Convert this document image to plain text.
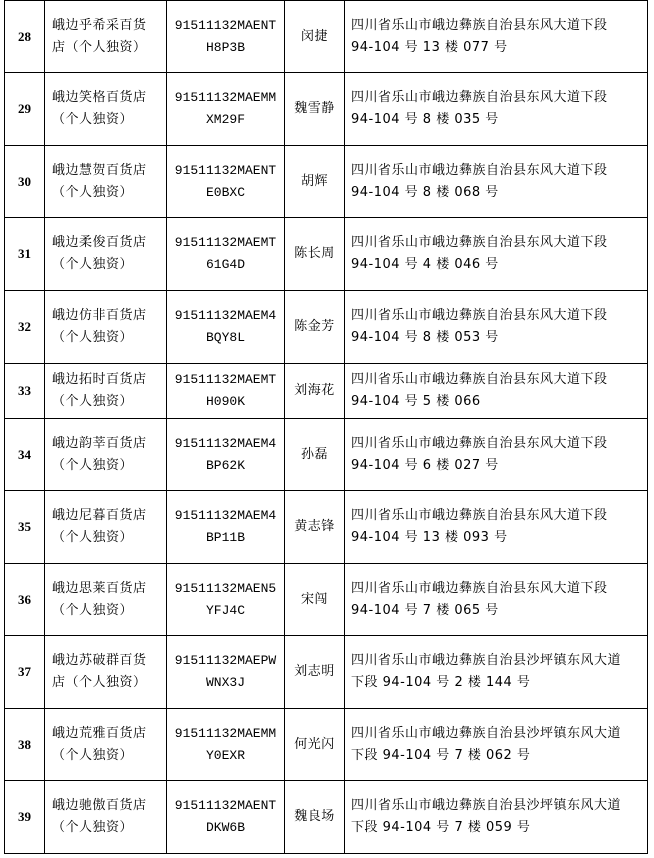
28	峨边乎希采百货
店（个人独资）	91511132MAENT
H8P3B	闵捷	四川省乐山市峨边彝族自治县东风大道下段
94-104 号 13 楼 077 号

29	峨边笑格百货店
（个人独资）	91511132MAEMM
XM29F	魏雪静	四川省乐山市峨边彝族自治县东风大道下段
94-104 号 8 楼 035 号

30	峨边慧贺百货店
（个人独资）	91511132MAENT
E0BXC	胡辉	四川省乐山市峨边彝族自治县东风大道下段
94-104 号 8 楼 068 号

31	峨边柔俊百货店
（个人独资）	91511132MAEMT
61G4D	陈长周	四川省乐山市峨边彝族自治县东风大道下段
94-104 号 4 楼 046 号

32	峨边仿非百货店
（个人独资）	91511132MAEM4
BQY8L	陈金芳	四川省乐山市峨边彝族自治县东风大道下段
94-104 号 8 楼 053 号

33	峨边拓时百货店
（个人独资）	91511132MAEMT
H090K	刘海花	四川省乐山市峨边彝族自治县东风大道下段
94-104 号 5 楼 066

34	峨边韵莘百货店
（个人独资）	91511132MAEM4
BP62K	孙磊	四川省乐山市峨边彝族自治县东风大道下段
94-104 号 6 楼 027 号

35	峨边尼暮百货店
（个人独资）	91511132MAEM4
BP11B	黄志锋	四川省乐山市峨边彝族自治县东风大道下段
94-104 号 13 楼 093 号

36	峨边思莱百货店
（个人独资）	91511132MAEN5
YFJ4C	宋闯	四川省乐山市峨边彝族自治县东风大道下段
94-104 号 7 楼 065 号

37	峨边苏破群百货
店（个人独资）	91511132MAEPW
WNX3J	刘志明	四川省乐山市峨边彝族自治县沙坪镇东风大道
下段 94-104 号 2 楼 144 号

38	峨边荒雅百货店
（个人独资）	91511132MAEMM
Y0EXR	何光闪	四川省乐山市峨边彝族自治县沙坪镇东风大道
下段 94-104 号 7 楼 062 号

39	峨边驰傲百货店
（个人独资）	91511132MAENT
DKW6B	魏良场	四川省乐山市峨边彝族自治县沙坪镇东风大道
下段 94-104 号 7 楼 059 号
